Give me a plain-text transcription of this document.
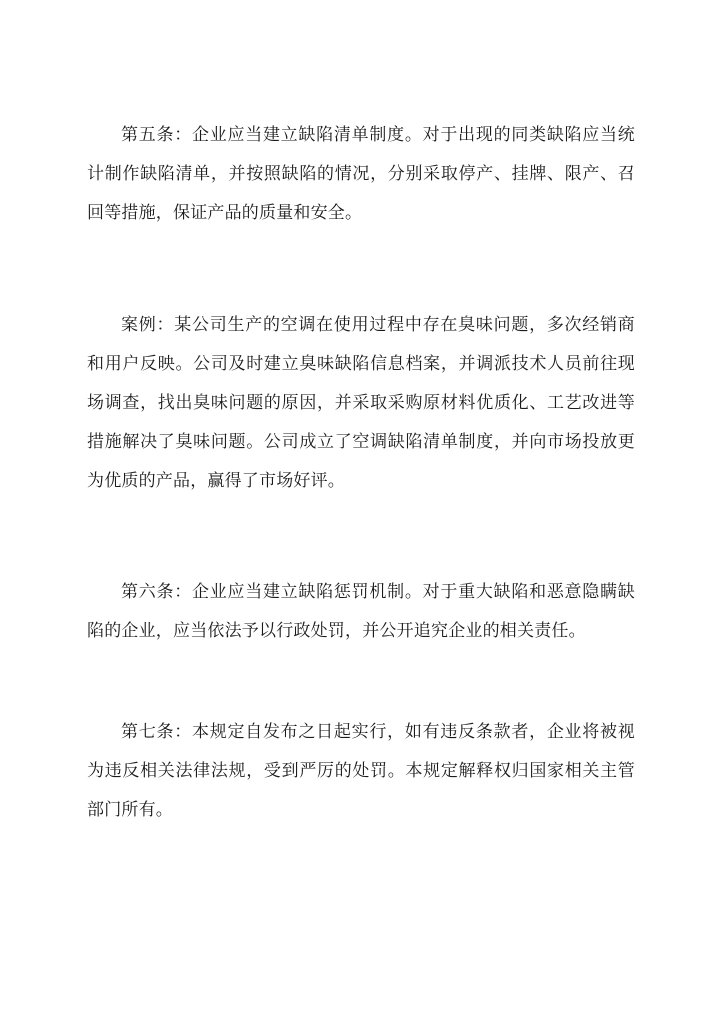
第五条：企业应当建立缺陷清单制度。对于出现的同类缺陷应当统计制作缺陷清单，并按照缺陷的情况，分别采取停产、挂牌、限产、召回等措施，保证产品的质量和安全。

案例：某公司生产的空调在使用过程中存在臭味问题，多次经销商和用户反映。公司及时建立臭味缺陷信息档案，并调派技术人员前往现场调查，找出臭味问题的原因，并采取采购原材料优质化、工艺改进等措施解决了臭味问题。公司成立了空调缺陷清单制度，并向市场投放更为优质的产品，赢得了市场好评。

第六条：企业应当建立缺陷惩罚机制。对于重大缺陷和恶意隐瞒缺陷的企业，应当依法予以行政处罚，并公开追究企业的相关责任。

第七条：本规定自发布之日起实行，如有违反条款者，企业将被视为违反相关法律法规，受到严厉的处罚。本规定解释权归国家相关主管部门所有。
